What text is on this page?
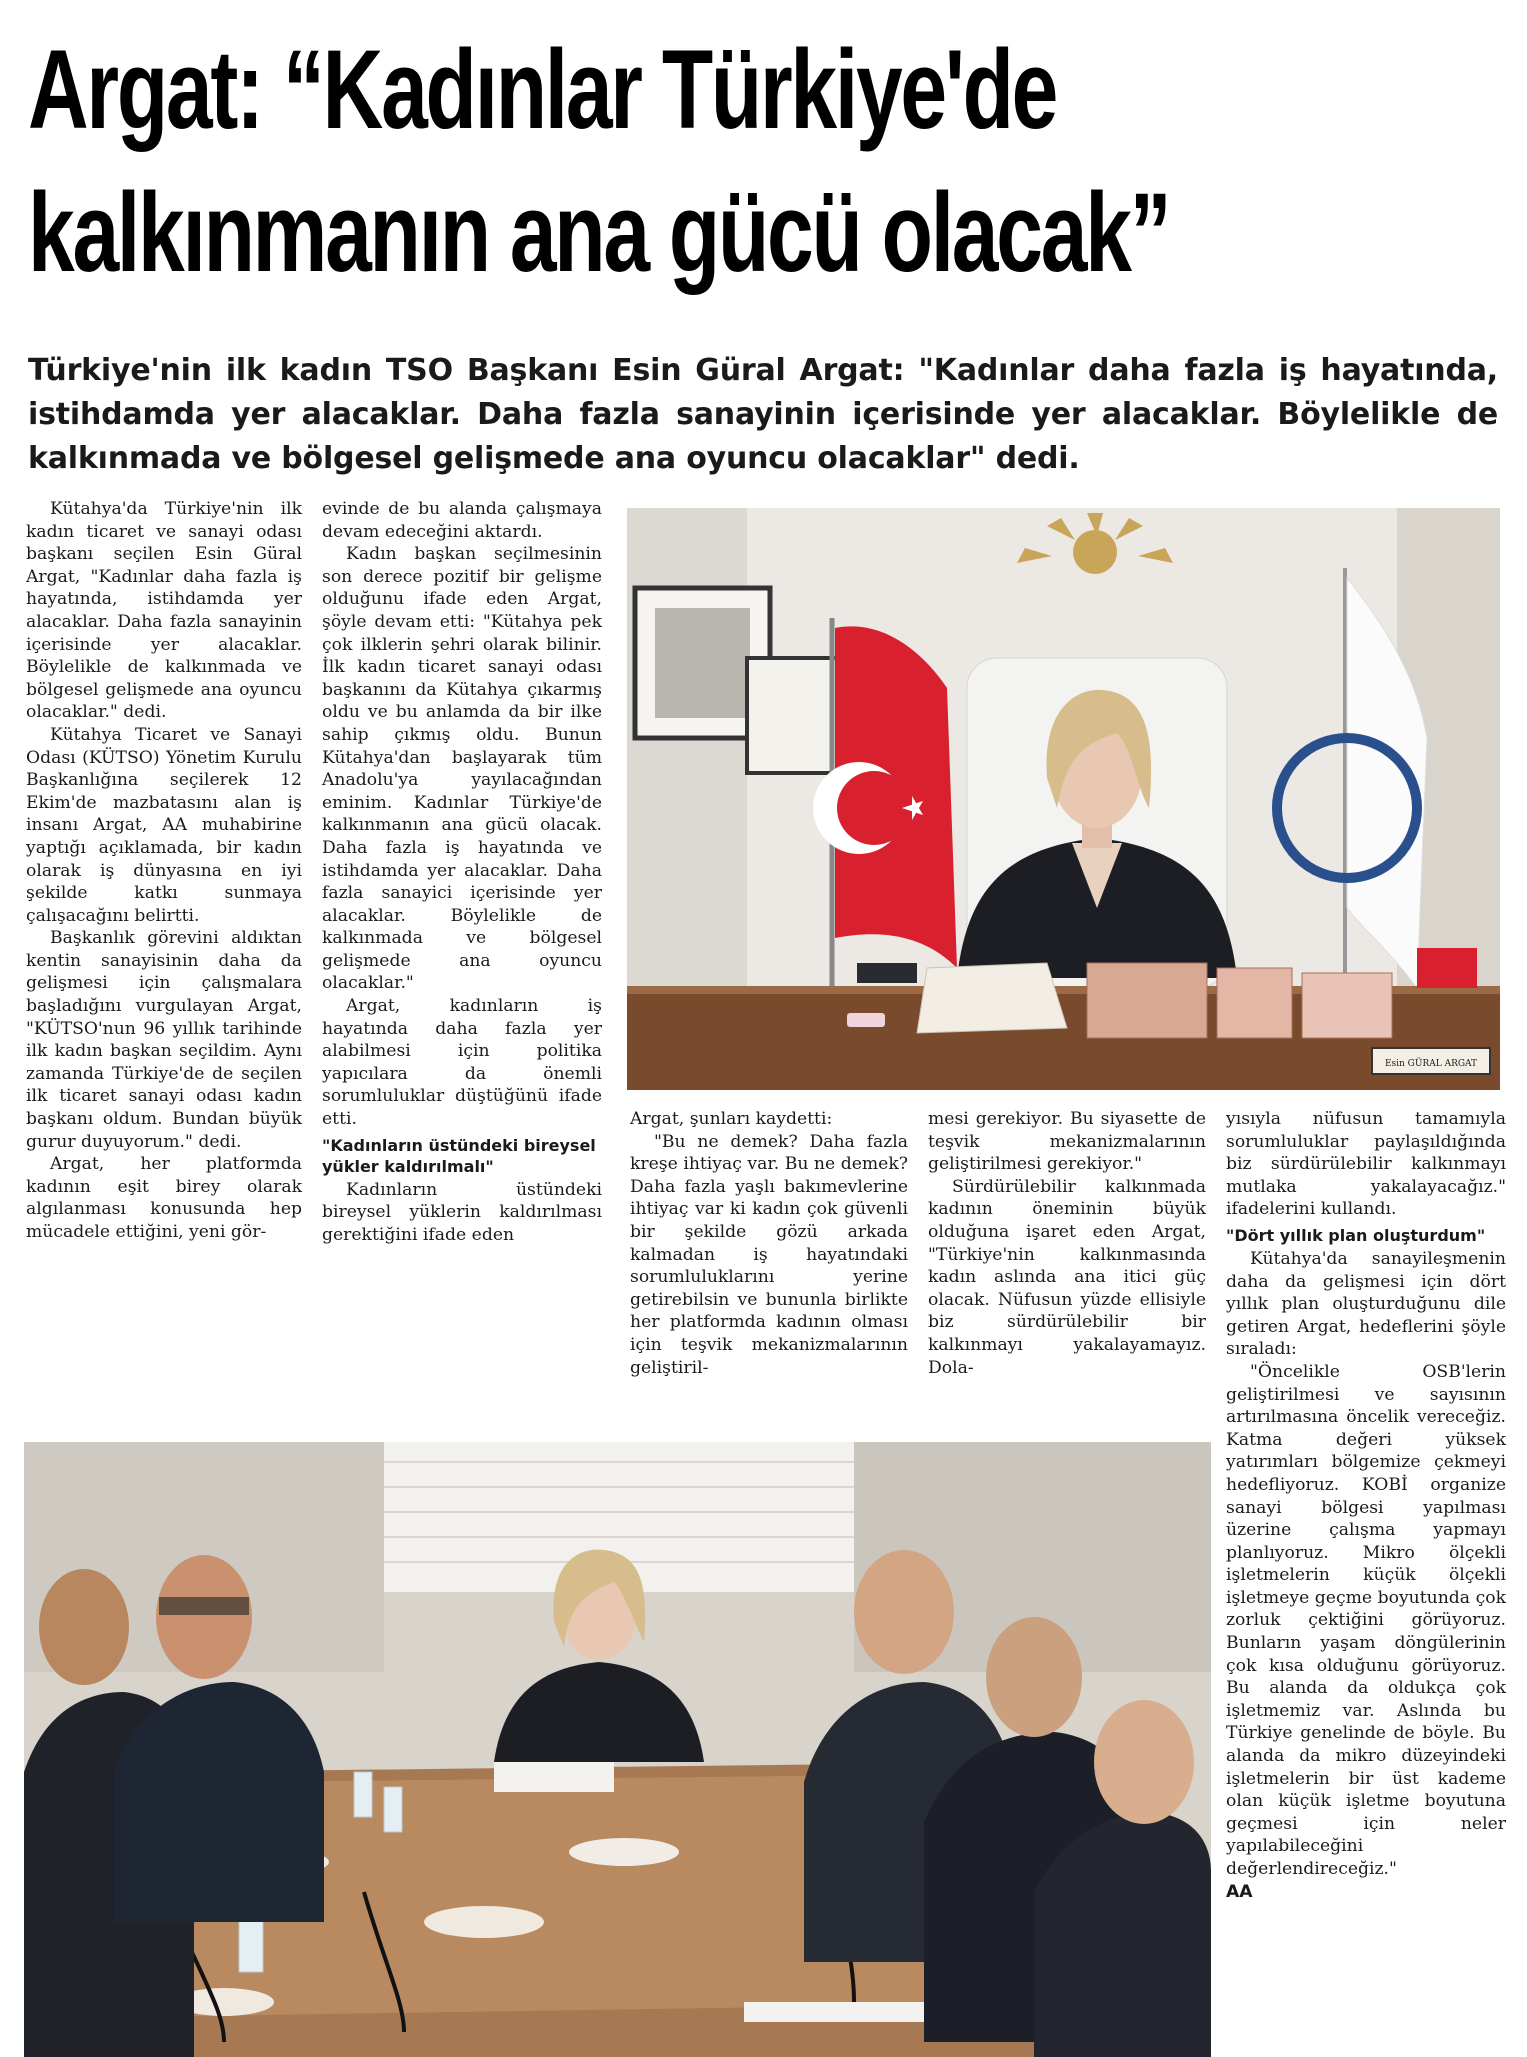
Argat: “Kadınlar Türkiye'de
kalkınmanın ana gücü olacak”

Türkiye'nin ilk kadın TSO Başkanı Esin Güral Argat: "Kadınlar daha fazla iş hayatında, istihdamda yer alacaklar. Daha fazla sanayinin içerisinde yer alacaklar. Böylelikle de kalkınmada ve bölgesel gelişmede ana oyuncu olacaklar" dedi.

Kütahya'da Türkiye'nin ilk kadın ticaret ve sanayi odası başkanı seçilen Esin Güral Argat, "Kadınlar daha fazla iş hayatında, istihdamda yer alacaklar. Daha fazla sanayinin içerisinde yer alacaklar. Böylelikle de kalkınmada ve bölgesel gelişmede ana oyuncu olacaklar." dedi.

Kütahya Ticaret ve Sanayi Odası (KÜTSO) Yönetim Kurulu Başkanlığına seçilerek 12 Ekim'de mazbatasını alan iş insanı Argat, AA muhabirine yaptığı açıklamada, bir kadın olarak iş dünyasına en iyi şekilde katkı sunmaya çalışacağını belirtti.

Başkanlık görevini aldıktan kentin sanayisinin daha da gelişmesi için çalışmalara başladığını vurgulayan Argat, "KÜTSO'nun 96 yıllık tarihinde ilk kadın başkan seçildim. Aynı zamanda Türkiye'de de seçilen ilk ticaret sanayi odası kadın başkanı oldum. Bundan büyük gurur duyuyorum." dedi.

Argat, her platformda kadının eşit birey olarak algılanması konusunda hep mücadele ettiğini, yeni gör-

evinde de bu alanda çalışmaya devam edeceğini aktardı.

Kadın başkan seçilmesinin son derece pozitif bir gelişme olduğunu ifade eden Argat, şöyle devam etti: "Kütahya pek çok ilklerin şehri olarak bilinir. İlk kadın ticaret sanayi odası başkanını da Kütahya çıkarmış oldu ve bu anlamda da bir ilke sahip çıkmış oldu. Bunun Kütahya'dan başlayarak tüm Anadolu'ya yayılacağından eminim. Kadınlar Türkiye'de kalkınmanın ana gücü olacak. Daha fazla iş hayatında ve istihdamda yer alacaklar. Daha fazla sanayici içerisinde yer alacaklar. Böylelikle de kalkınmada ve bölgesel gelişmede ana oyuncu olacaklar."

Argat, kadınların iş hayatında daha fazla yer alabilmesi için politika yapıcılara da önemli sorumluluklar düştüğünü ifade etti.

"Kadınların üstündeki bireysel yükler kaldırılmalı"

Kadınların üstündeki bireysel yüklerin kaldırılması gerektiğini ifade eden

Esin GÜRAL ARGAT

Argat, şunları kaydetti:

"Bu ne demek? Daha fazla kreşe ihtiyaç var. Bu ne demek? Daha fazla yaşlı bakımevlerine ihtiyaç var ki kadın çok güvenli bir şekilde gözü arkada kalmadan iş hayatındaki sorumluluklarını yerine getirebilsin ve bununla birlikte her platformda kadının olması için teşvik mekanizmalarının geliştiril-

mesi gerekiyor. Bu siyasette de teşvik mekanizmalarının geliştirilmesi gerekiyor."

Sürdürülebilir kalkınmada kadının öneminin büyük olduğuna işaret eden Argat, "Türkiye'nin kalkınmasında kadın aslında ana itici güç olacak. Nüfusun yüzde ellisiyle biz sürdürülebilir bir kalkınmayı yakalayamayız. Dola-

yısıyla nüfusun tamamıyla sorumluluklar paylaşıldığında biz sürdürülebilir kalkınmayı mutlaka yakalayacağız." ifadelerini kullandı.

"Dört yıllık plan oluşturdum"

Kütahya'da sanayileşmenin daha da gelişmesi için dört yıllık plan oluşturduğunu dile getiren Argat, hedeflerini şöyle sıraladı:

"Öncelikle OSB'lerin geliştirilmesi ve sayısının artırılmasına öncelik vereceğiz. Katma değeri yüksek yatırımları bölgemize çekmeyi hedefliyoruz. KOBİ organize sanayi bölgesi yapılması üzerine çalışma yapmayı planlıyoruz. Mikro ölçekli işletmelerin küçük ölçekli işletmeye geçme boyutunda çok zorluk çektiğini görüyoruz. Bunların yaşam döngülerinin çok kısa olduğunu görüyoruz. Bu alanda da oldukça çok işletmemiz var. Aslında bu Türkiye genelinde de böyle. Bu alanda da mikro düzeyindeki işletmelerin bir üst kademe olan küçük işletme boyutuna geçmesi için neler yapılabileceğini değerlendireceğiz."

AA
